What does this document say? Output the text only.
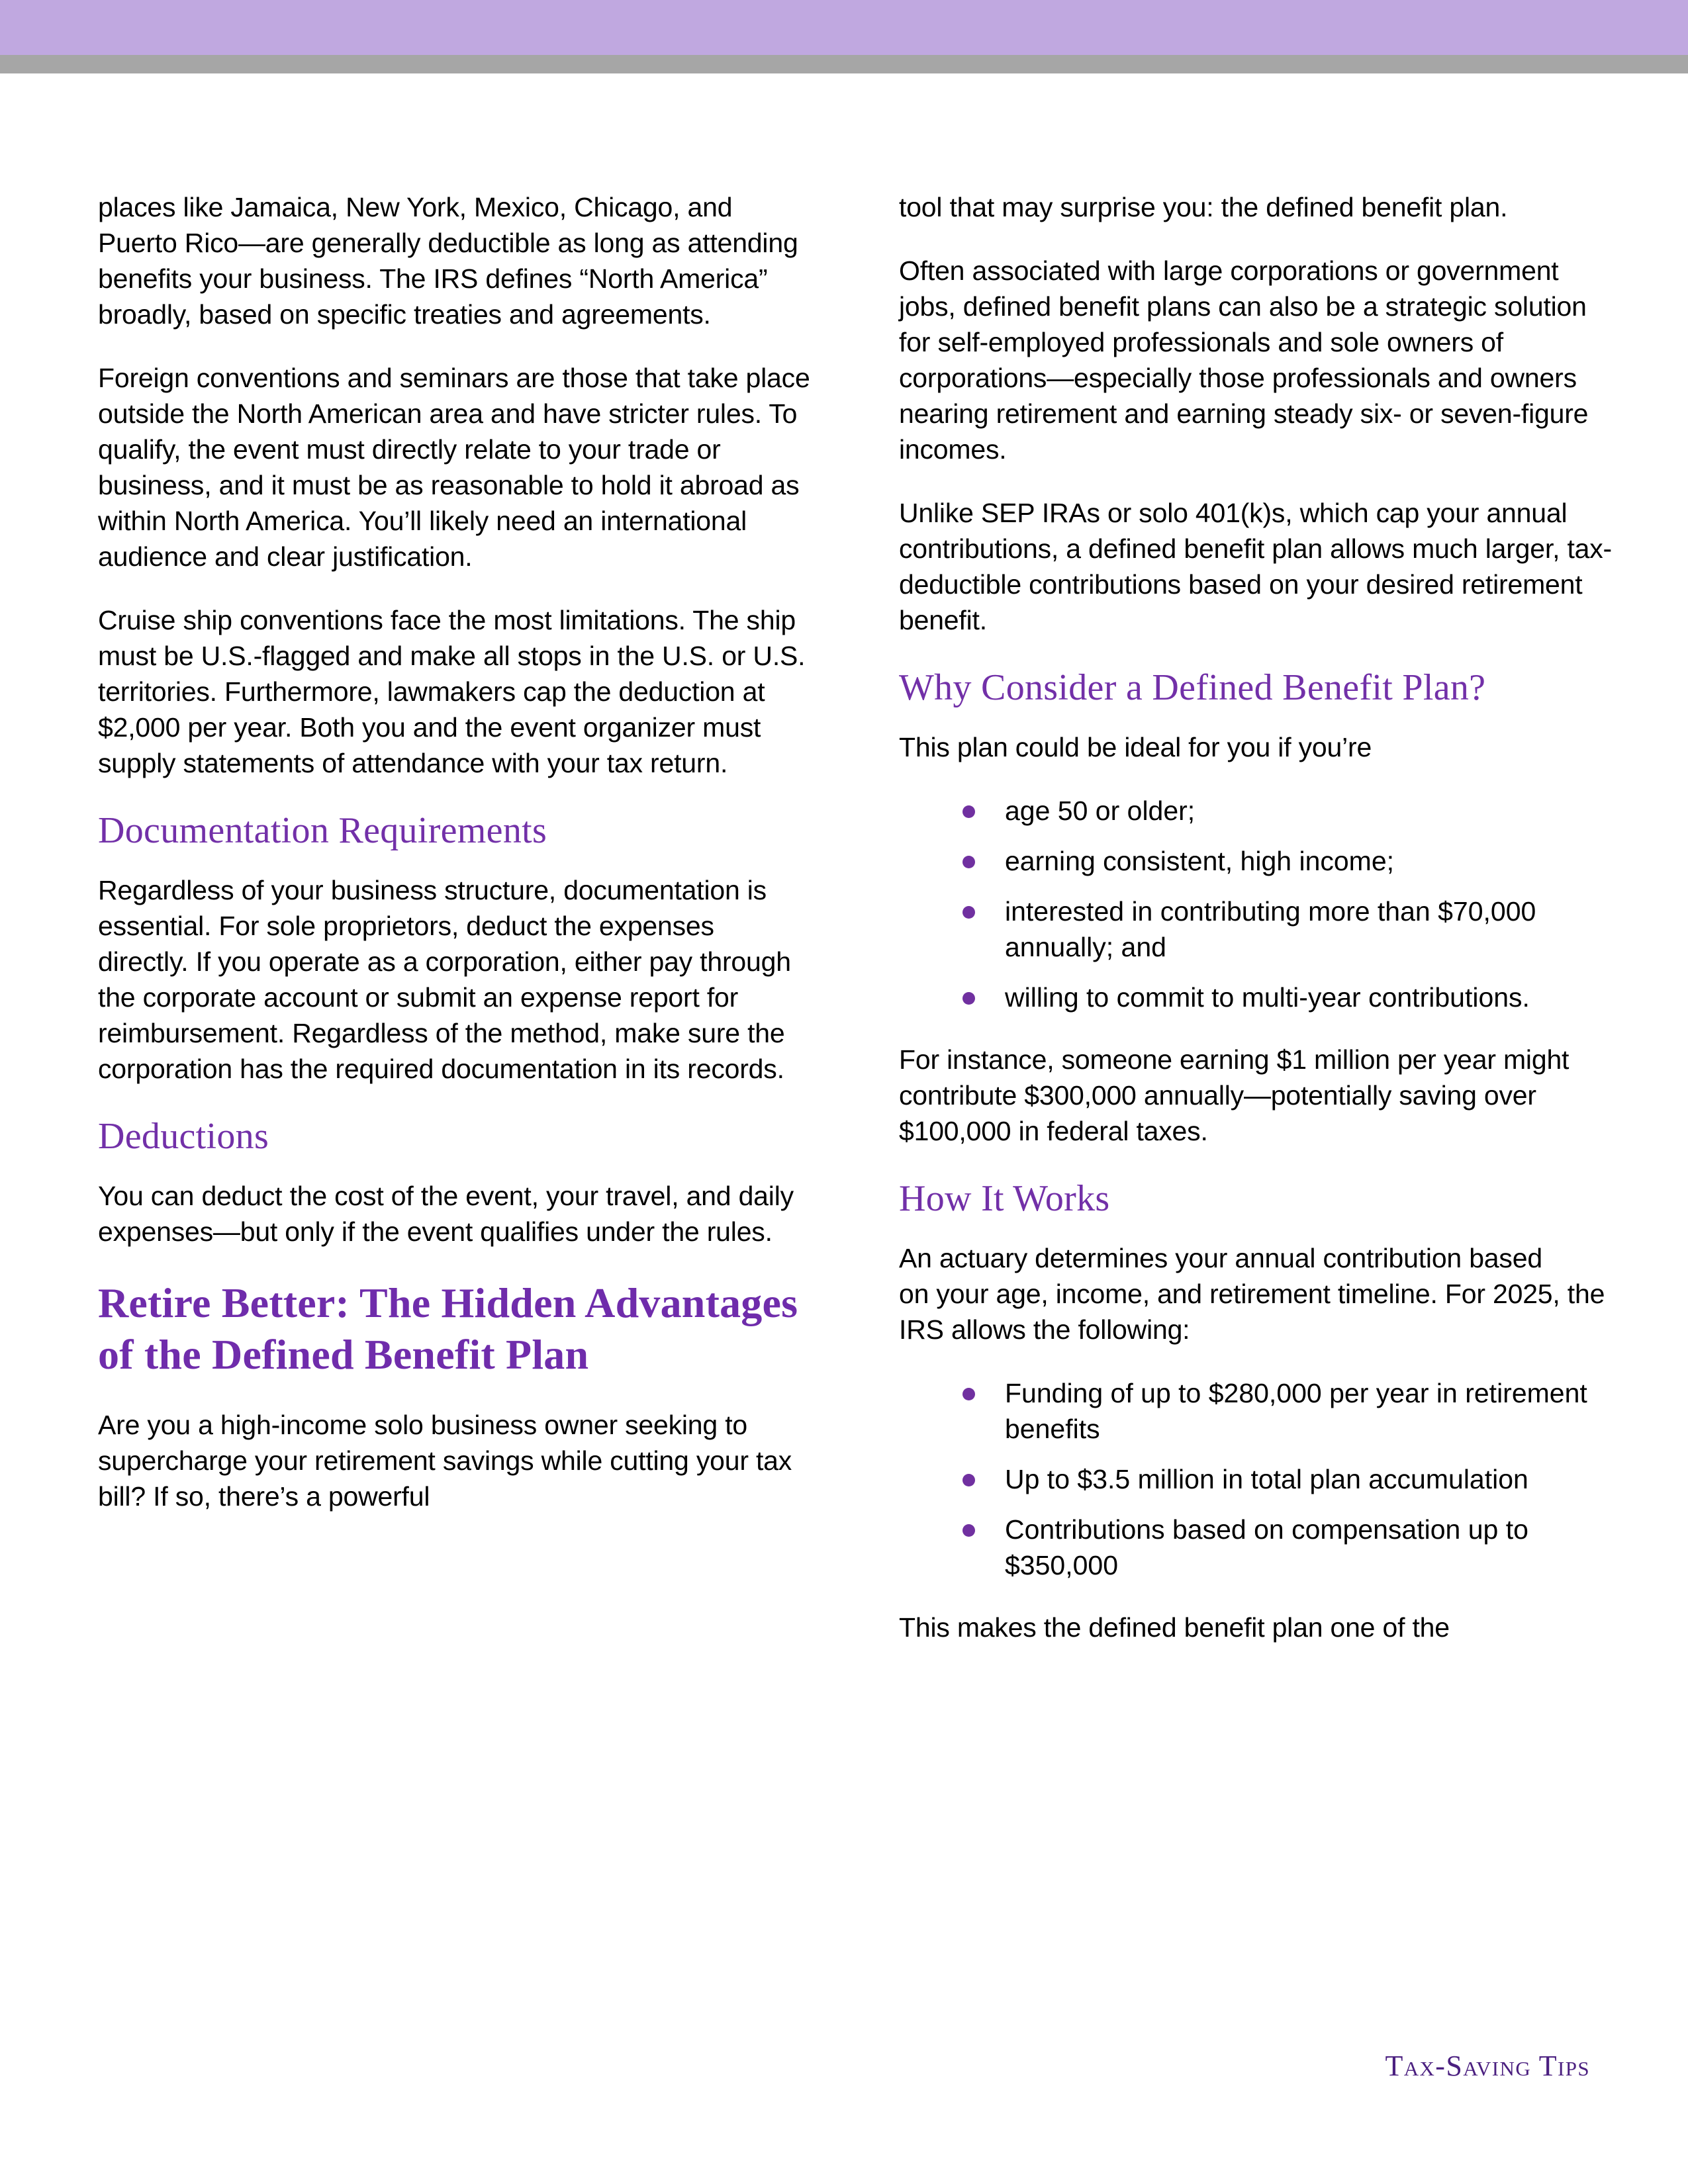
places like Jamaica, New York, Mexico, Chicago, and Puerto Rico—are generally deductible as long as attending benefits your business. The IRS defines “North America” broadly, based on specific treaties and agreements.

Foreign conventions and seminars are those that take place outside the North American area and have stricter rules. To qualify, the event must directly relate to your trade or business, and it must be as reasonable to hold it abroad as within North America. You’ll likely need an international audience and clear justification.

Cruise ship conventions face the most limitations. The ship must be U.S.-flagged and make all stops in the U.S. or U.S. territories. Furthermore, lawmakers cap the deduction at $2,000 per year. Both you and the event organizer must supply statements of attendance with your tax return.

Documentation Requirements

Regardless of your business structure, documentation is essential. For sole proprietors, deduct the expenses directly. If you operate as a corporation, either pay through the corporate account or submit an expense report for reimbursement. Regardless of the method, make sure the corporation has the required documentation in its records.

Deductions

You can deduct the cost of the event, your travel, and daily expenses—but only if the event qualifies under the rules.

Retire Better: The Hidden Advantages of the Defined Benefit Plan

Are you a high-income solo business owner seeking to supercharge your retirement savings while cutting your tax bill? If so, there’s a powerful

tool that may surprise you: the defined benefit plan.

Often associated with large corporations or government jobs, defined benefit plans can also be a strategic solution for self-employed professionals and sole owners of corporations—especially those professionals and owners nearing retirement and earning steady six- or seven-figure incomes.

Unlike SEP IRAs or solo 401(k)s, which cap your annual contributions, a defined benefit plan allows much larger, tax-deductible contributions based on your desired retirement benefit.

Why Consider a Defined Benefit Plan?

This plan could be ideal for you if you’re

age 50 or older;
earning consistent, high income;
interested in contributing more than $70,000 annually; and
willing to commit to multi-year contributions.

For instance, someone earning $1 million per year might contribute $300,000 annually—potentially saving over $100,000 in federal taxes.

How It Works

An actuary determines your annual contribution based

on your age, income, and retirement timeline. For 2025, the IRS allows the following:

Funding of up to $280,000 per year in retirement benefits
Up to $3.5 million in total plan accumulation
Contributions based on compensation up to $350,000

This makes the defined benefit plan one of the

Tax-Saving Tips
